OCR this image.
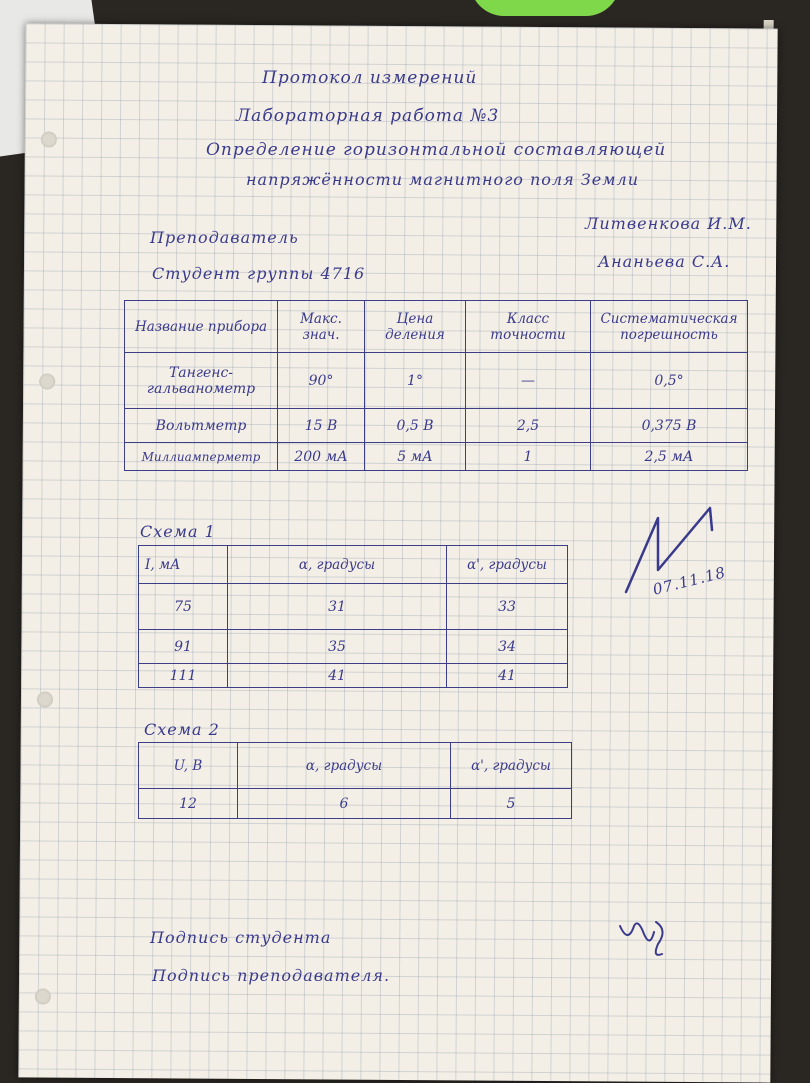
Протокол измерений
Лабораторная работа №3
Определение горизонтальной составляющей
напряжённости магнитного поля Земли
Преподаватель
Литвенкова И.М.
Студент группы 4716
Ананьева С.А.
Название прибора	Макс. знач.	Цена деления	Класс точности	Систематическая погрешность
Тангенс-гальванометр	90°	1°	—	0,5°
Вольтметр	15 В	0,5 В	2,5	0,375 В
Миллиамперметр	200 мА	5 мА	1	2,5 мА
Схема 1
I, мА	α, градусы	α', градусы
75	31	33
91	35	34
111	41	41
07.11.18
Схема 2
U, В	α, градусы	α', градусы
12	6	5
Подпись студента
Подпись преподавателя.
